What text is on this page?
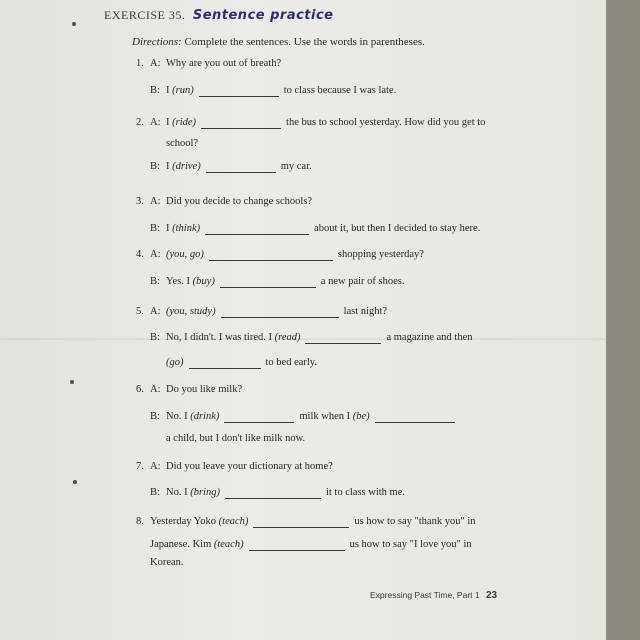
EXERCISE 35. Sentence practice
Directions: Complete the sentences. Use the words in parentheses.
1. A: Why are you out of breath?
B: I (run)	to class because I was late.
2. A: I (ride)	the bus to school yesterday. How did you get to
school?
B: I (drive)	my car.
3. A: Did you decide to change schools?
B: I (think)	about it, but then I decided to stay here.
4. A: (you, go)	shopping yesterday?
B: Yes. I (buy)	a new pair of shoes.
5. A: (you, study)	last night?
B: No, I didn't. I was tired. I (read)	a magazine and then
(go)	to bed early.
6. A: Do you like milk?
B: No. I (drink)	milk when I (be)
a child, but I don't like milk now.
7. A: Did you leave your dictionary at home?
B: No. I (bring)	it to class with me.
8. Yesterday Yoko (teach)	us how to say "thank you" in
Japanese. Kim (teach)	us how to say "I love you" in
Korean.
Expressing Past Time, Part 1 23
